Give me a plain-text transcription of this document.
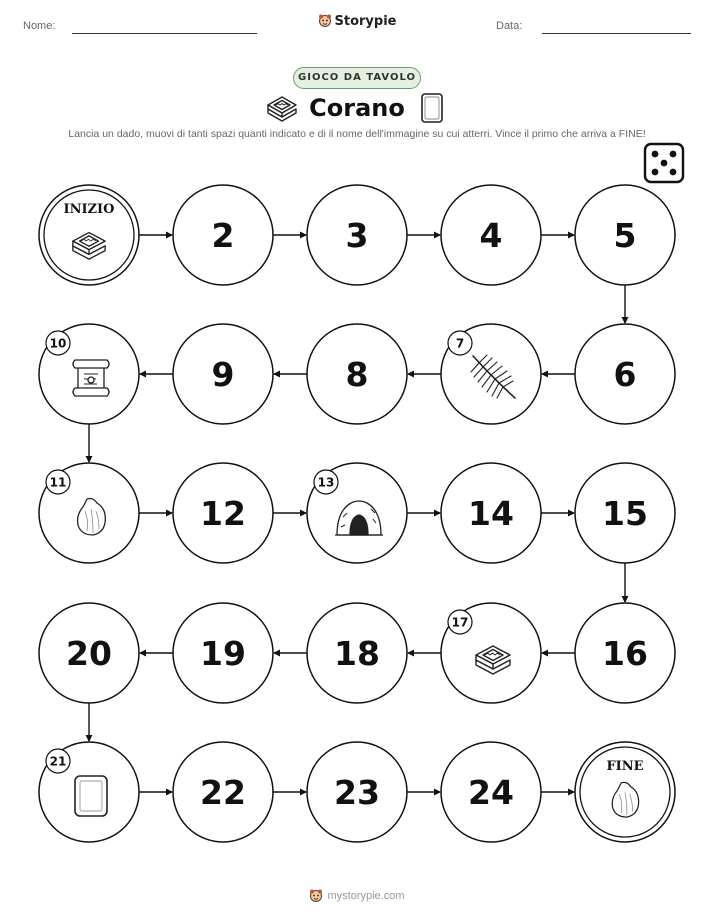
Nome:	Storypie	Data:
GIOCO DA TAVOLO
Corano
Lancia un dado, muovi di tanti spazi quanti indicato e di il nome dell'immagine su cui atterri. Vince il primo che arriva a FINE!
INIZIO
2	3	4	5
6
7
8
9
10
11
12
13
14	15
16
17
18
19
20
21
22	23	24
FINE
mystorypie.com
